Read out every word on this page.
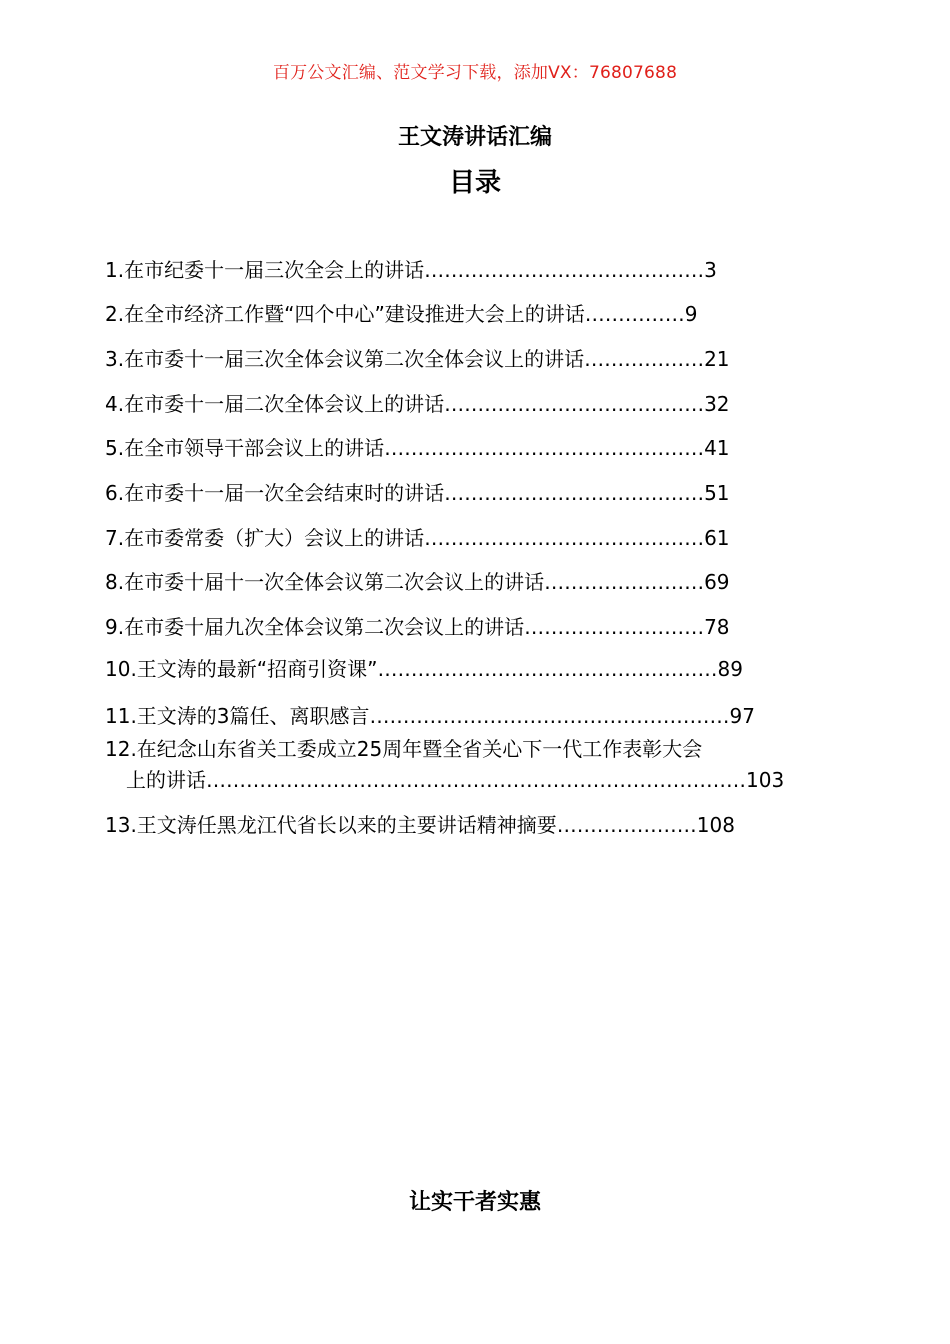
百万公文汇编、范文学习下载，添加VX：76807688
王文涛讲话汇编
目录
1.在市纪委十一届三次全会上的讲话……………………………………3
2.在全市经济工作暨“四个中心”建设推进大会上的讲话……………9
3.在市委十一届三次全体会议第二次全体会议上的讲话………………21
4.在市委十一届二次全体会议上的讲话…………………………………32
5.在全市领导干部会议上的讲话…………………………………………41
6.在市委十一届一次全会结束时的讲话…………………………………51
7.在市委常委（扩大）会议上的讲话……………………………………61
8.在市委十届十一次全体会议第二次会议上的讲话……………………69
9.在市委十届九次全体会议第二次会议上的讲话………………………78
10.王文涛的最新“招商引资课”……………………………………………89
11.王文涛的3篇任、离职感言………………………………………………97
12.在纪念山东省关工委成立25周年暨全省关心下一代工作表彰大会
上的讲话………………………………………………………………………103
13.王文涛任黑龙江代省长以来的主要讲话精神摘要…………………108
让实干者实惠
